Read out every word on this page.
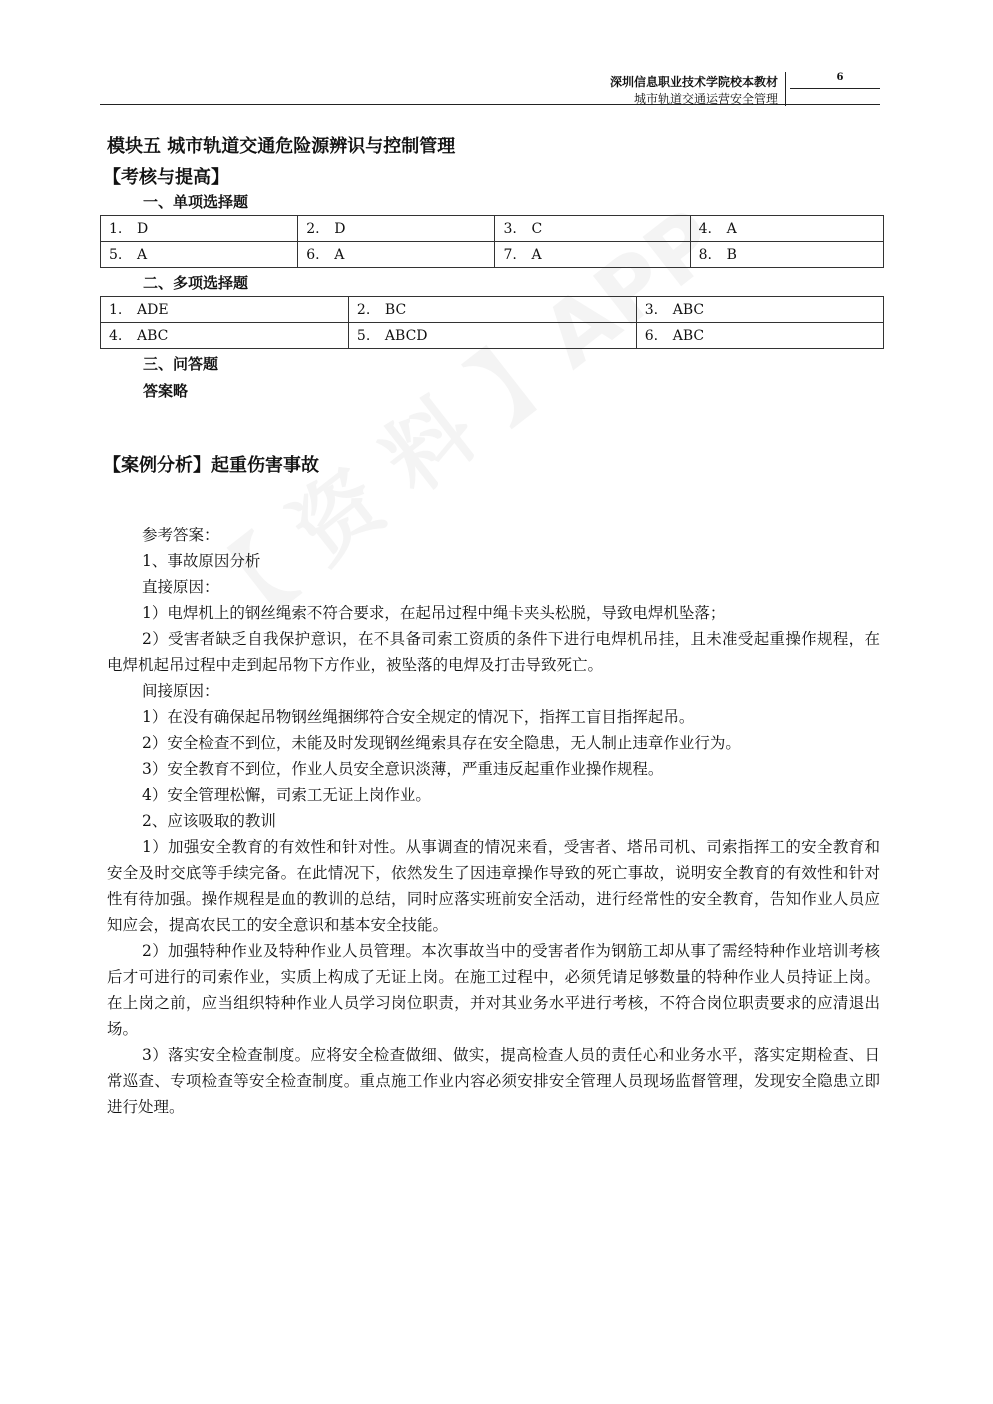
深圳信息职业技术学院校本教材
城市轨道交通运营安全管理
6
模块五 城市轨道交通危险源辨识与控制管理
【考核与提高】
一、单项选择题
1. D	2. D	3. C	4. A
5. A	6. A	7. A	8. B
二、多项选择题
1. ADE	2. BC	3. ABC
4. ABC	5. ABCD	6. ABC
三、问答题
答案略
【案例分析】起重伤害事故

参考答案：

1、事故原因分析

直接原因：

1）电焊机上的钢丝绳索不符合要求，在起吊过程中绳卡夹头松脱，导致电焊机坠落；

2）受害者缺乏自我保护意识，在不具备司索工资质的条件下进行电焊机吊挂，且未准受起重操作规程，在电焊机起吊过程中走到起吊物下方作业，被坠落的电焊及打击导致死亡。

间接原因：

1）在没有确保起吊物钢丝绳捆绑符合安全规定的情况下，指挥工盲目指挥起吊。

2）安全检查不到位，未能及时发现钢丝绳索具存在安全隐患，无人制止违章作业行为。

3）安全教育不到位，作业人员安全意识淡薄，严重违反起重作业操作规程。

4）安全管理松懈，司索工无证上岗作业。

2、应该吸取的教训

1）加强安全教育的有效性和针对性。从事调查的情况来看，受害者、塔吊司机、司索指挥工的安全教育和安全及时交底等手续完备。在此情况下，依然发生了因违章操作导致的死亡事故，说明安全教育的有效性和针对性有待加强。操作规程是血的教训的总结，同时应落实班前安全活动，进行经常性的安全教育，告知作业人员应知应会，提高农民工的安全意识和基本安全技能。

2）加强特种作业及特种作业人员管理。本次事故当中的受害者作为钢筋工却从事了需经特种作业培训考核后才可进行的司索作业，实质上构成了无证上岗。在施工过程中，必须凭请足够数量的特种作业人员持证上岗。在上岗之前，应当组织特种作业人员学习岗位职责，并对其业务水平进行考核，不符合岗位职责要求的应清退出场。

3）落实安全检查制度。应将安全检查做细、做实，提高检查人员的责任心和业务水平，落实定期检查、日常巡查、专项检查等安全检查制度。重点施工作业内容必须安排安全管理人员现场监督管理，发现安全隐患立即进行处理。
